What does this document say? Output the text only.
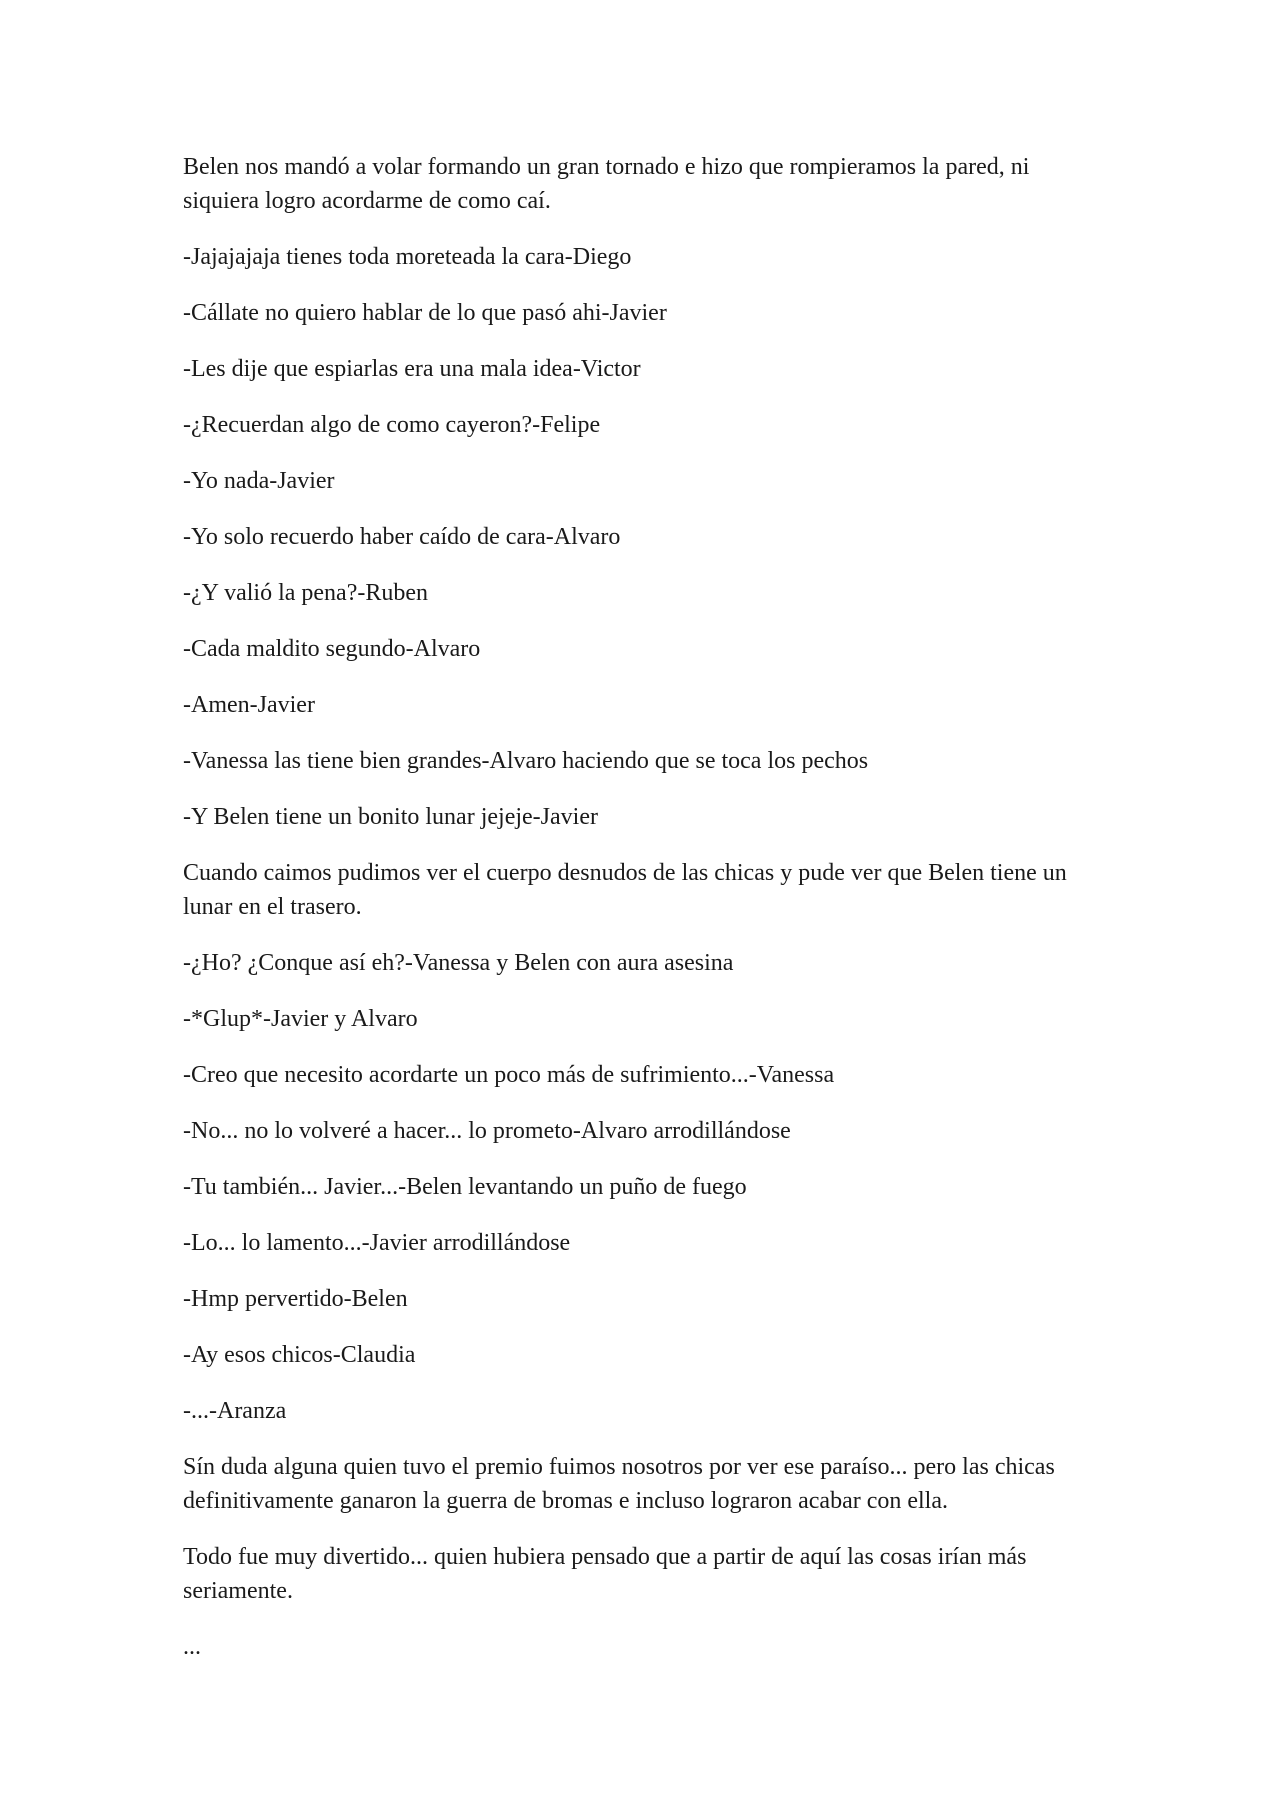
Belen nos mandó a volar formando un gran tornado e hizo que rompieramos la pared, ni siquiera logro acordarme de como caí.

-Jajajajaja tienes toda moreteada la cara-Diego

-Cállate no quiero hablar de lo que pasó ahi-Javier

-Les dije que espiarlas era una mala idea-Victor

-¿Recuerdan algo de como cayeron?-Felipe

-Yo nada-Javier

-Yo solo recuerdo haber caído de cara-Alvaro

-¿Y valió la pena?-Ruben

-Cada maldito segundo-Alvaro

-Amen-Javier

-Vanessa las tiene bien grandes-Alvaro haciendo que se toca los pechos

-Y Belen tiene un bonito lunar jejeje-Javier

Cuando caimos pudimos ver el cuerpo desnudos de las chicas y pude ver que Belen tiene un lunar en el trasero.

-¿Ho? ¿Conque así eh?-Vanessa y Belen con aura asesina

-*Glup*-Javier y Alvaro

-Creo que necesito acordarte un poco más de sufrimiento...-Vanessa

-No... no lo volveré a hacer... lo prometo-Alvaro arrodillándose

-Tu también... Javier...-Belen levantando un puño de fuego

-Lo... lo lamento...-Javier arrodillándose

-Hmp pervertido-Belen

-Ay esos chicos-Claudia

-...-Aranza

Sín duda alguna quien tuvo el premio fuimos nosotros por ver ese paraíso... pero las chicas definitivamente ganaron la guerra de bromas e incluso lograron acabar con ella.

Todo fue muy divertido... quien hubiera pensado que a partir de aquí las cosas irían más seriamente.

...
